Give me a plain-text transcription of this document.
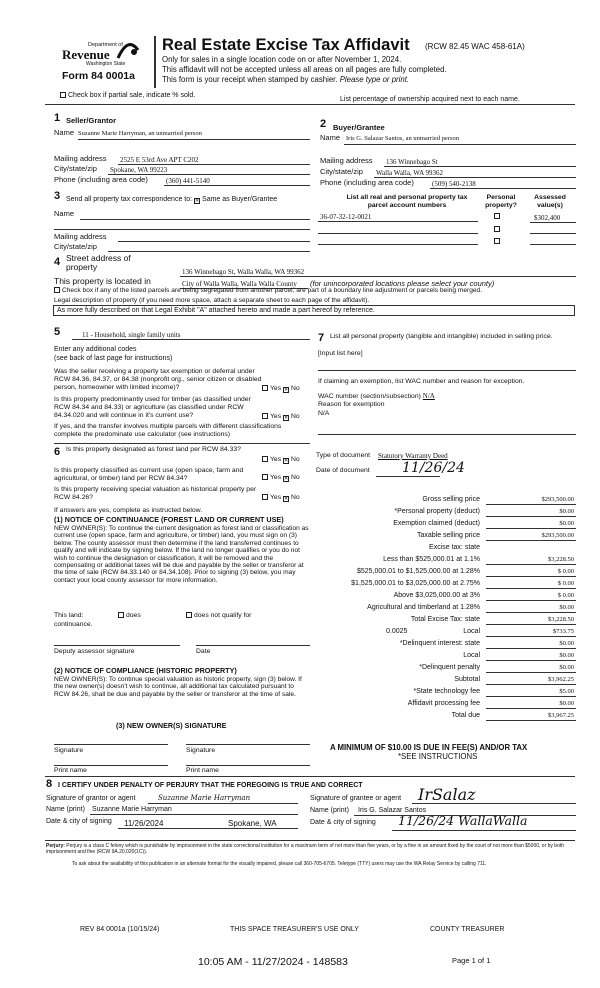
Department of
Revenue
Washington State
Form 84 0001a
Real Estate Excise Tax Affidavit (RCW 82.45 WAC 458-61A)
Only for sales in a single location code on or after November 1, 2024.
This affidavit will not be accepted unless all areas on all pages are fully completed.
This form is your receipt when stamped by cashier. Please type or print.
Check box if partial sale, indicate % sold.
List percentage of ownership acquired next to each name.
1 Seller/Grantor
Name Suzanne Marie Harryman, an unmarried person
Mailing address 2525 E 53rd Ave APT C202
City/state/zip Spokane, WA 99223
Phone (including area code)	(360) 441-5140
2 Buyer/Grantee
Name Iris G. Salazar Santos, an unmarried person
Mailing address 136 Winnebago St
City/state/zip Walla Walla, WA 99362
Phone (including area code)	(509) 540-2138
3 Send all property tax correspondence to: ✕ Same as Buyer/Grantee
Name
Mailing address
City/state/zip
List all real and personal property tax parcel account numbers
Personal property?
Assessed value(s)
36-07-32-12-0021	$302,400
4 Street address of property
136 Winnebago St, Walla Walla, WA 99362
This property is located in	City of Walla Walla, Walla Walla County (for unincorporated locations please select your county)
Check box if any of the listed parcels are being segregated from another parcel, are part of a boundary line adjustment or parcels being merged.
Legal description of property (if you need more space, attach a separate sheet to each page of the affidavit).
As more fully described on that Legal Exhibit "A" attached hereto and made a part hereof by reference.
5	11 - Household, single family units
Enter any additional codes
(see back of last page for instructions)
Was the seller receiving a property tax exemption or deferral under RCW 84.36, 84.37, or 84.38 (nonprofit org., senior citizen or disabled person, homeowner with limited income)?	Yes ✕ No
Is this property predominantly used for timber (as classified under RCW 84.34 and 84.33) or agriculture (as classified under RCW 84.34.020 and will continue in it's current use?	Yes ✕ No
If yes, and the transfer involves multiple parcels with different classifications complete the predominate use calculator (see instructions)
6 Is this property designated as forest land per RCW 84.33?
Yes ✕ No
Is this property classified as current use (open space, farm and agricultural, or timber) land per RCW 84.34?	Yes ✕ No
Is this property receiving special valuation as historical property per RCW 84.26?	Yes ✕ No
If answers are yes, complete as instructed below.
(1) NOTICE OF CONTINUANCE (FOREST LAND OR CURRENT USE)
NEW OWNER(S): To continue the current designation as forest land or classification as current use (open space, farm and agriculture, or timber) land, you must sign on (3) below. The county assessor must then determine if the land transferred continues to qualify and will indicate by signing below. If the land no longer qualifies or you do not wish to continue the designation or classification, it will be removed and the compensating or additional taxes will be due and payable by the seller or transferor at the time of sale (RCW 84.33.140 or 84.34.108). Prior to signing (3) below, you may contact your local county assessor for more information.
This land:
continuance.
does	does not qualify for
Deputy assessor signature	Date
(2) NOTICE OF COMPLIANCE (HISTORIC PROPERTY)
NEW OWNER(S): To continue special valuation as historic property, sign (3) below. If the new owner(s) doesn't wish to continue, all additional tax calculated pursuant to RCW 84.26, shall be due and payable by the seller or transferor at the time of sale.
(3) NEW OWNER(S) SIGNATURE
Signature	Signature
Print name	Print name
7 List all personal property (tangible and intangible) included in selling price.
[Input list here]
If claiming an exemption, list WAC number and reason for exception.
WAC number (section/subsection) N/A
Reason for exemption
N/A
Type of document Statutory Warranty Deed
Date of document 11/26/24
Gross selling price	$293,500.00
*Personal property (deduct)	$0.00
Exemption claimed (deduct)	$0.00
Taxable selling price	$293,500.00
Excise tax: state
Less than $525,000.01 at 1.1%	$3,228.50
$525,000.01 to $1,525,000.00 at 1.28%	$ 0.00
$1,525,000.01 to $3,025,000.00 at 2.75%	$ 0.00
Above $3,025,000.00 at 3%	$ 0.00
Agricultural and timberland at 1.28%	$0.00
Total Excise Tax: state	$3,228.50
0.0025	Local	$733.75
*Delinquent interest: state	$0.00
Local	$0.00
*Delinquent penalty	$0.00
Subtotal	$3,962.25
*State technology fee	$5.00
Affidavit processing fee	$0.00
Total due	$3,967.25
A MINIMUM OF $10.00 IS DUE IN FEE(S) AND/OR TAX
*SEE INSTRUCTIONS
8 I CERTIFY UNDER PENALTY OF PERJURY THAT THE FOREGOING IS TRUE AND CORRECT
Signature of grantor or agent	Suzanne Marie Harryman
Name (print) Suzanne Marie Harryman
Date & city of signing 11/26/2024	Spokane, WA
Signature of grantee or agent IrSalaz
Name (print) Iris G. Salazar Santos
Date & city of signing 11/26/24 WallaWalla
Perjury: Perjury is a class C felony which is punishable by imprisonment in the state correctional institution for a maximum term of not more than five years, or by a fine in an amount fixed by the court of not more than $5000, or by both imprisonment and fine (RCW 9A.20.020(1C)).
To ask about the availability of this publication in an alternate format for the visually impaired, please call 360-705-6705. Teletype (TTY) users may use the WA Relay Service by calling 711.
REV 84 0001a (10/15/24)	THIS SPACE TREASURER'S USE ONLY	COUNTY TREASURER
10:05 AM - 11/27/2024 - 148583	Page 1 of 1
